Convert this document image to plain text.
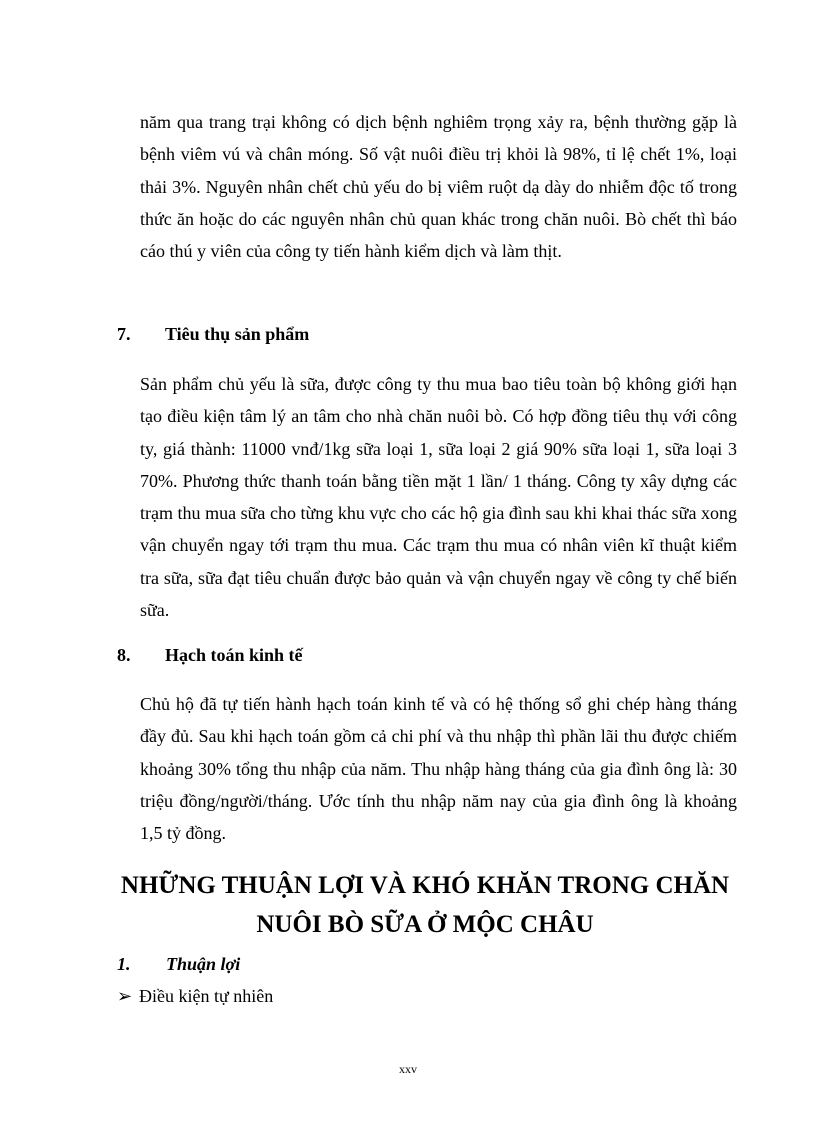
năm qua trang trại không có dịch bệnh nghiêm trọng xảy ra, bệnh thường gặp là bệnh viêm vú và chân móng. Số vật nuôi điều trị khỏi là 98%, tỉ lệ chết 1%, loại thải 3%. Nguyên nhân chết chủ yếu do bị viêm ruột dạ dày do nhiễm độc tố trong thức ăn hoặc do các nguyên nhân chủ quan khác trong chăn nuôi. Bò chết thì báo cáo thú y viên của công ty tiến hành kiểm dịch và làm thịt.

7. Tiêu thụ sản phẩm

Sản phẩm chủ yếu là sữa, được công ty thu mua bao tiêu toàn bộ không giới hạn tạo điều kiện tâm lý an tâm cho nhà chăn nuôi bò. Có hợp đồng tiêu thụ với công ty, giá thành: 11000 vnđ/1kg sữa loại 1, sữa loại 2 giá 90% sữa loại 1, sữa loại 3 70%. Phương thức thanh toán bằng tiền mặt 1 lần/ 1 tháng. Công ty xây dựng các trạm thu mua sữa cho từng khu vực cho các hộ gia đình sau khi khai thác sữa xong vận chuyển ngay tới trạm thu mua. Các trạm thu mua có nhân viên kĩ thuật kiểm tra sữa, sữa đạt tiêu chuẩn được bảo quản và vận chuyển ngay về công ty chế biến sữa.

8. Hạch toán kinh tế

Chủ hộ đã tự tiến hành hạch toán kinh tế và có hệ thống sổ ghi chép hàng tháng đầy đủ. Sau khi hạch toán gồm cả chi phí và thu nhập thì phần lãi thu được chiếm khoảng 30% tổng thu nhập của năm. Thu nhập hàng tháng của gia đình ông là: 30 triệu đồng/người/tháng. Ước tính thu nhập năm nay của gia đình ông là khoảng 1,5 tỷ đồng.

NHỮNG THUẬN LỢI VÀ KHÓ KHĂN TRONG CHĂN
NUÔI BÒ SỮA Ở MỘC CHÂU

1. Thuận lợi

➢ Điều kiện tự nhiên

xxv
